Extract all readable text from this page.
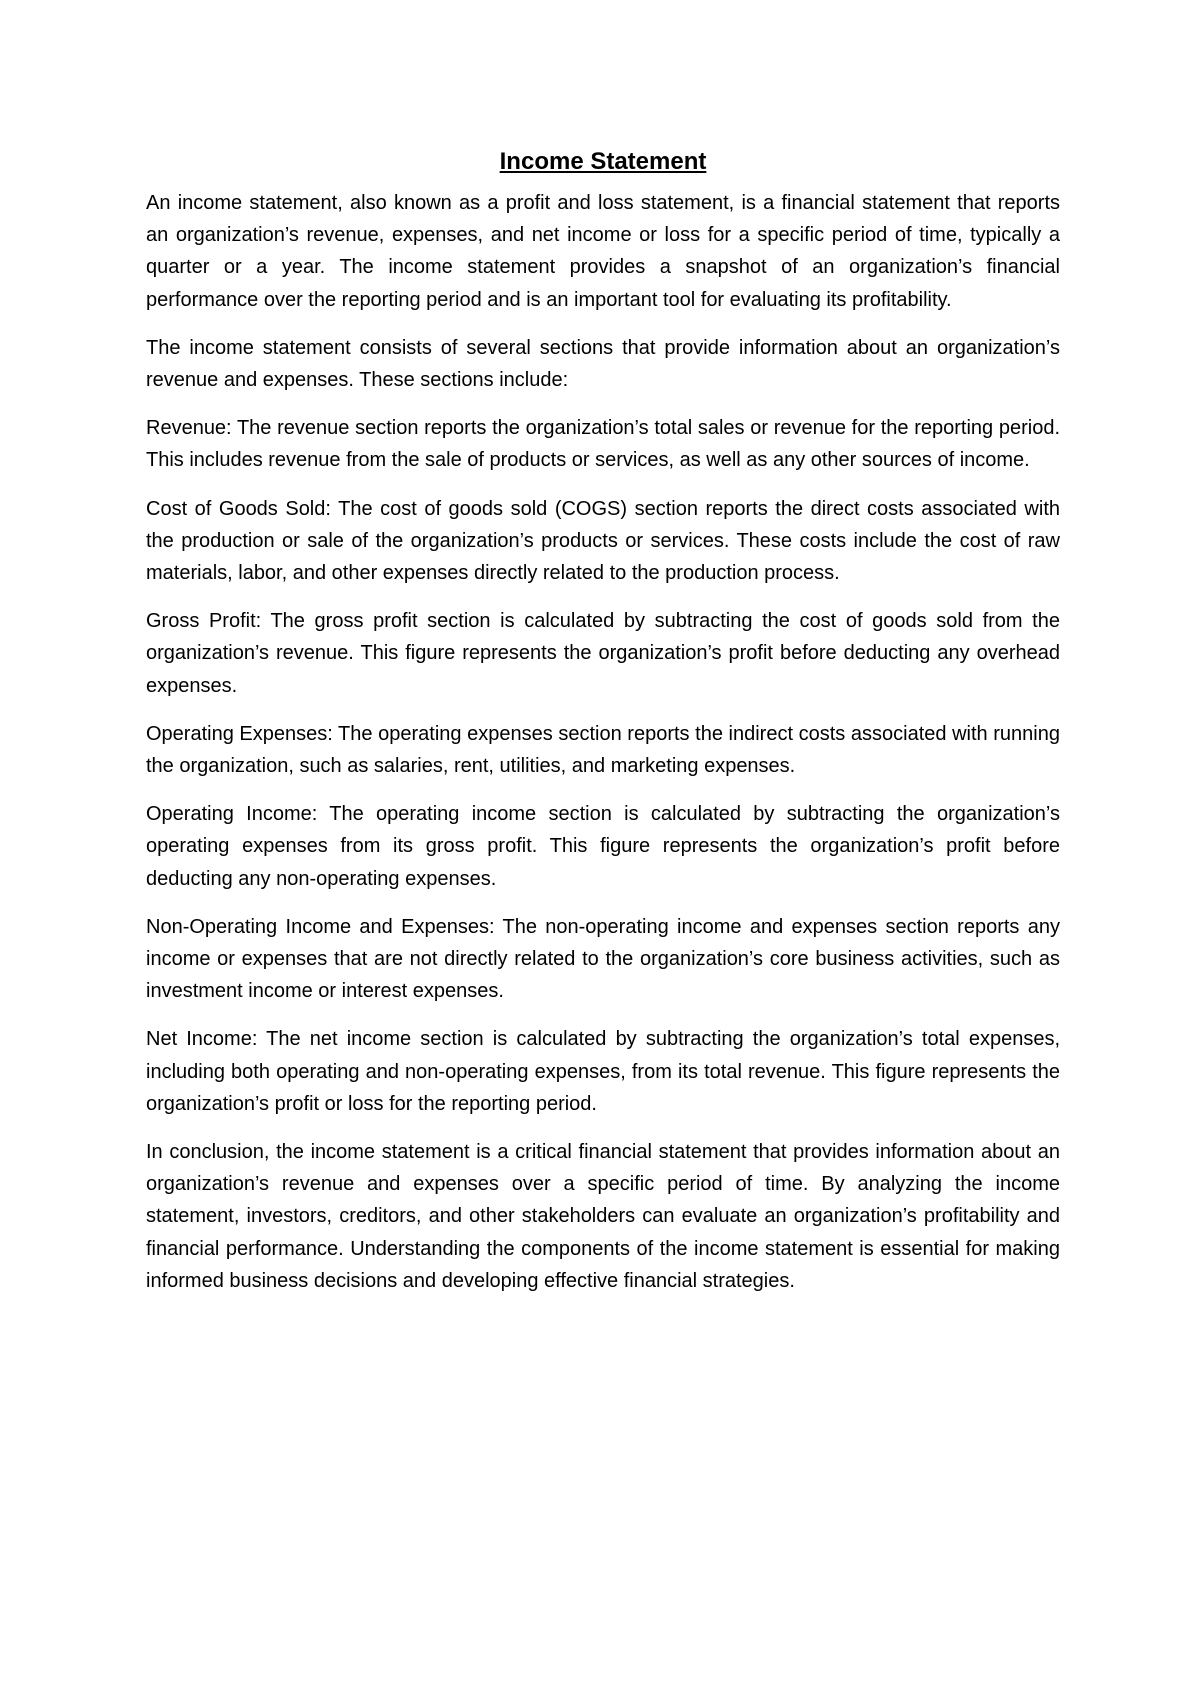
Income Statement

An income statement, also known as a profit and loss statement, is a financial statement that reports an organization’s revenue, expenses, and net income or loss for a specific period of time, typically a quarter or a year. The income statement provides a snapshot of an organization’s financial performance over the reporting period and is an important tool for evaluating its profitability.

The income statement consists of several sections that provide information about an organization’s revenue and expenses. These sections include:

Revenue: The revenue section reports the organization’s total sales or revenue for the reporting period. This includes revenue from the sale of products or services, as well as any other sources of income.

Cost of Goods Sold: The cost of goods sold (COGS) section reports the direct costs associated with the production or sale of the organization’s products or services. These costs include the cost of raw materials, labor, and other expenses directly related to the production process.

Gross Profit: The gross profit section is calculated by subtracting the cost of goods sold from the organization’s revenue. This figure represents the organization’s profit before deducting any overhead expenses.

Operating Expenses: The operating expenses section reports the indirect costs associated with running the organization, such as salaries, rent, utilities, and marketing expenses.

Operating Income: The operating income section is calculated by subtracting the organization’s operating expenses from its gross profit. This figure represents the organization’s profit before deducting any non-operating expenses.

Non-Operating Income and Expenses: The non-operating income and expenses section reports any income or expenses that are not directly related to the organization’s core business activities, such as investment income or interest expenses.

Net Income: The net income section is calculated by subtracting the organization’s total expenses, including both operating and non-operating expenses, from its total revenue. This figure represents the organization’s profit or loss for the reporting period.

In conclusion, the income statement is a critical financial statement that provides information about an organization’s revenue and expenses over a specific period of time. By analyzing the income statement, investors, creditors, and other stakeholders can evaluate an organization’s profitability and financial performance. Understanding the components of the income statement is essential for making informed business decisions and developing effective financial strategies.
